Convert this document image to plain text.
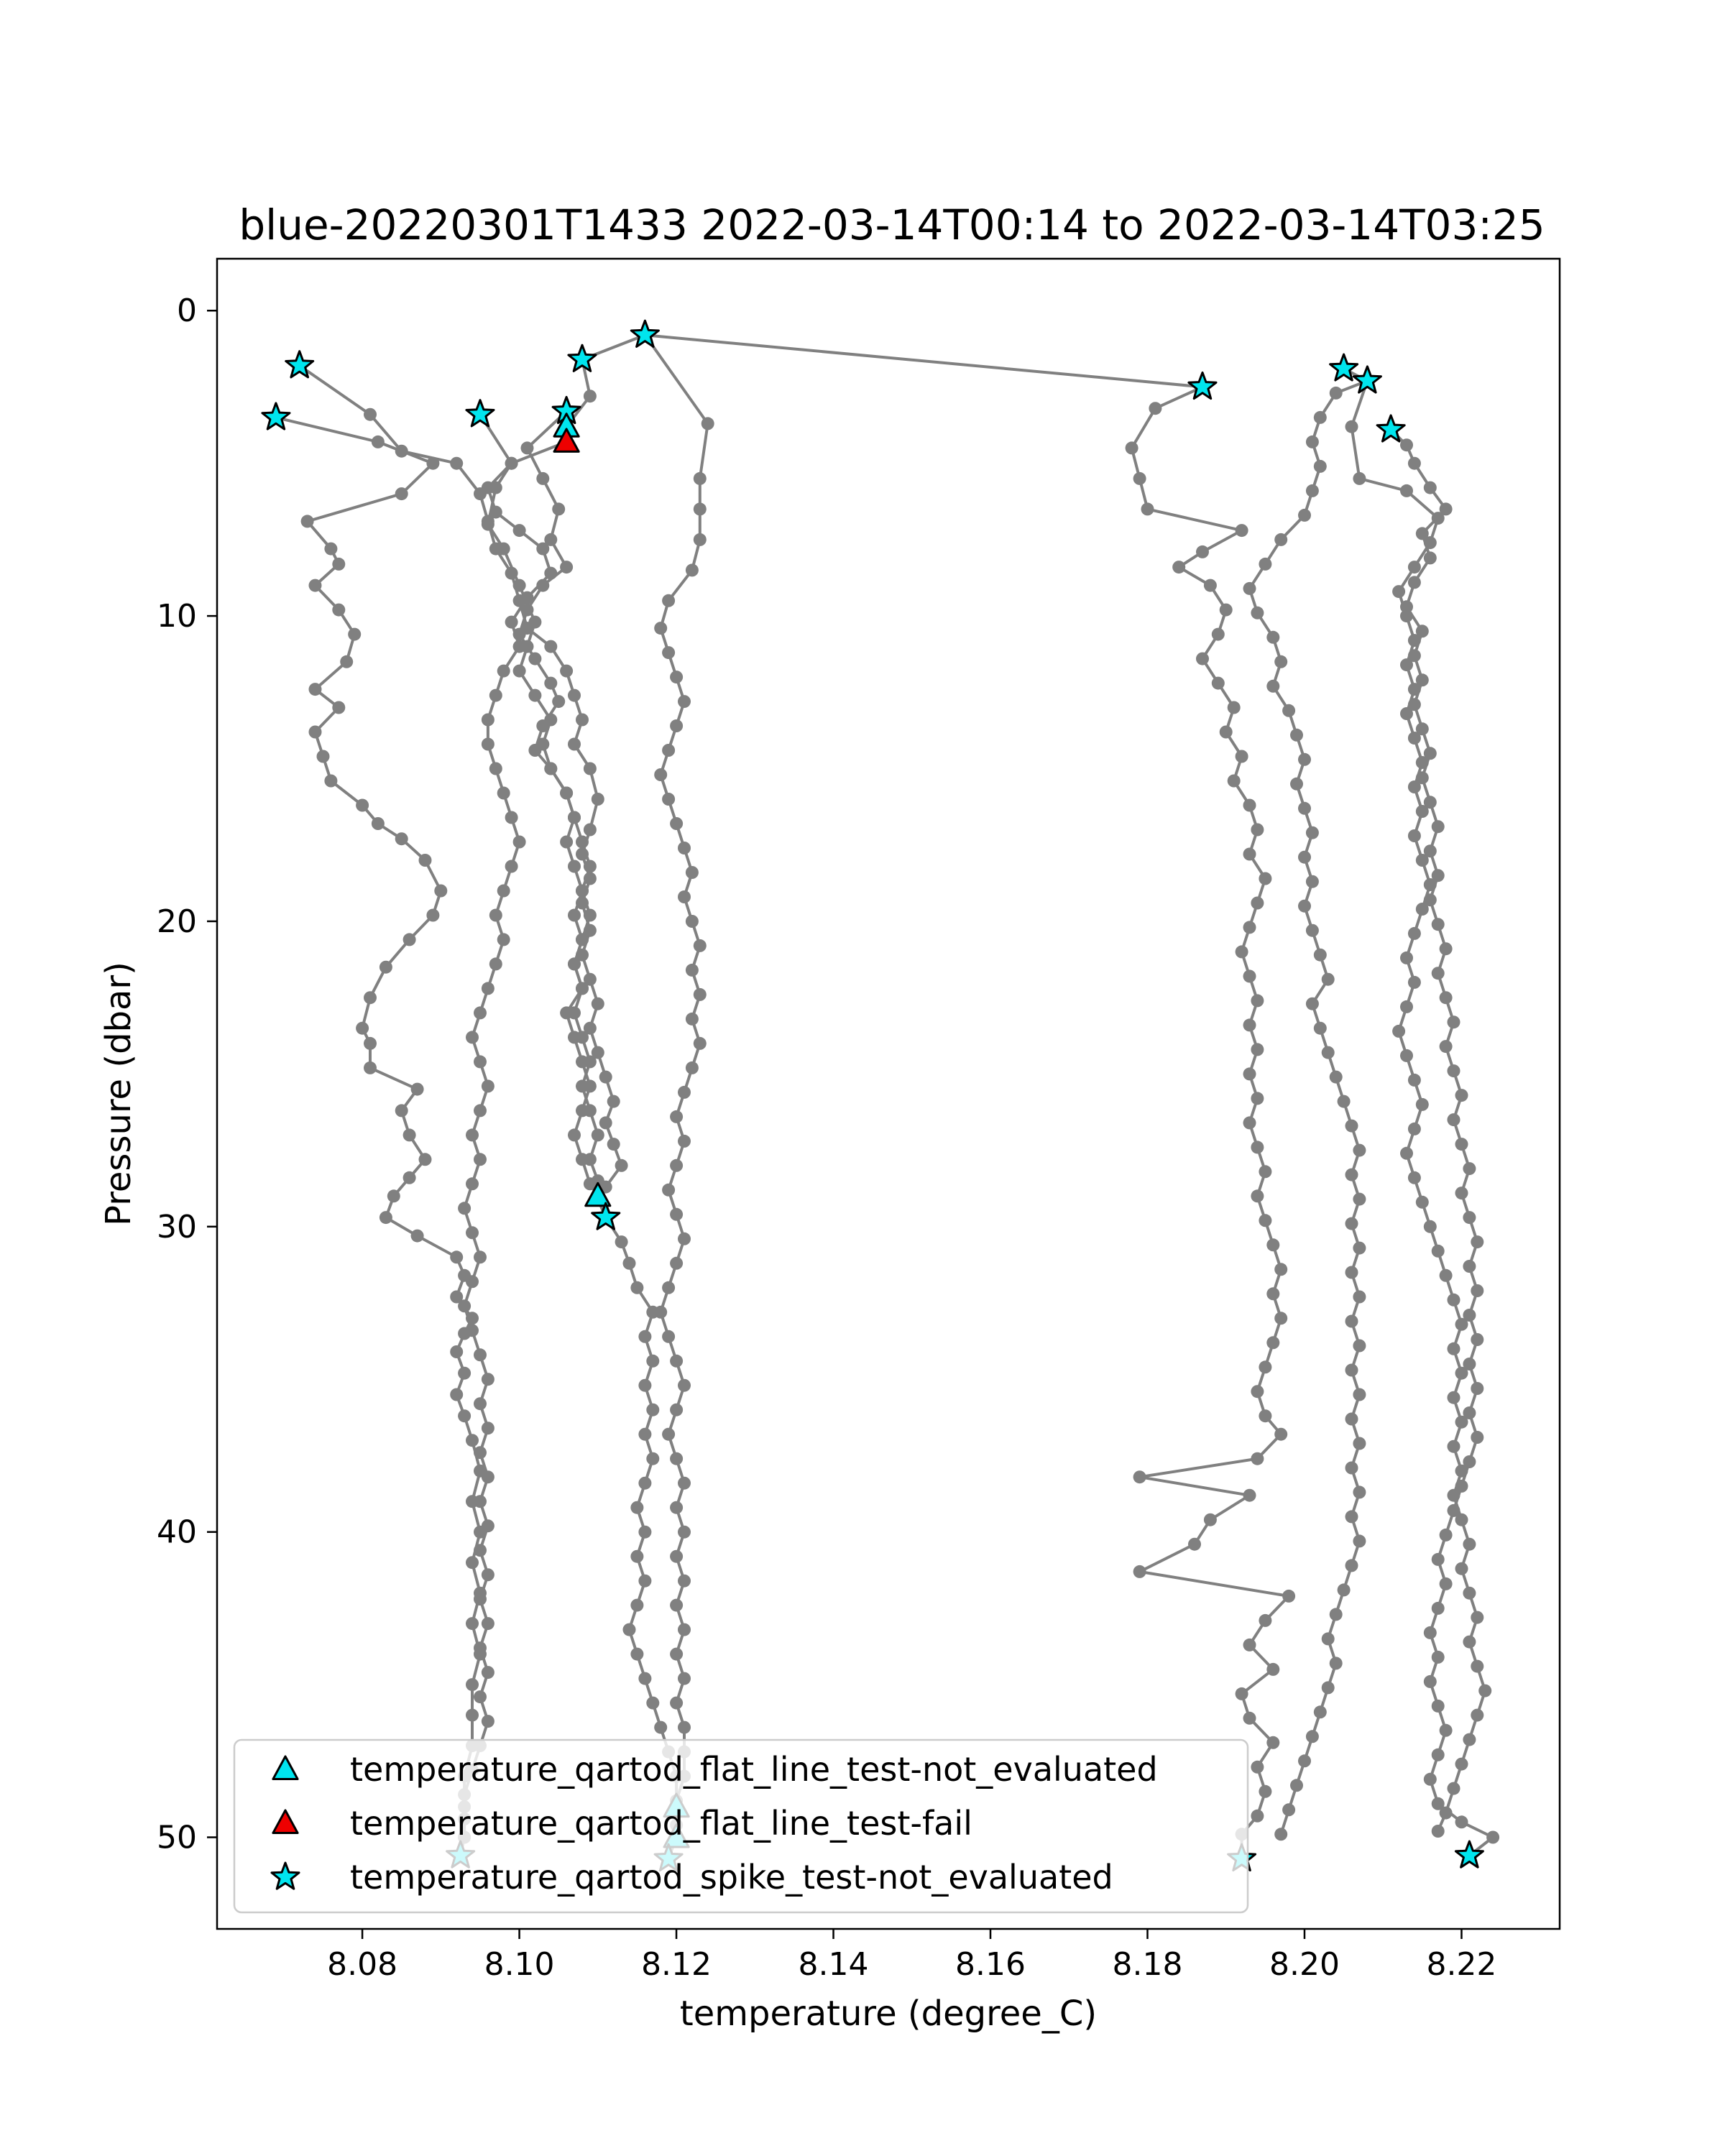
blue-20220301T1433 2022-03-14T00:14 to 2022-03-14T03:25
8.08	8.10	8.12	8.14	8.16	8.18	8.20	8.22
0
10
20
30
40
50
temperature (degree_C)
Pressure (dbar)
temperature_qartod_flat_line_test-not_evaluated
temperature_qartod_flat_line_test-fail
temperature_qartod_spike_test-not_evaluated
